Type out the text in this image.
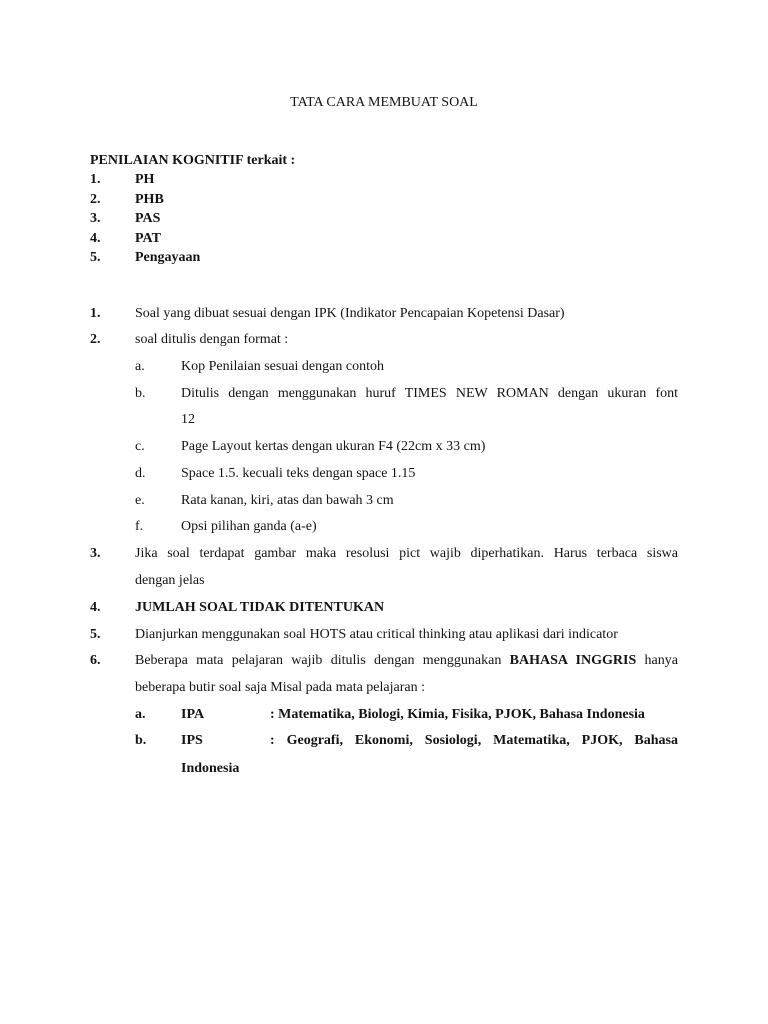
TATA CARA MEMBUAT SOAL
PENILAIAN KOGNITIF terkait :
1.	PH
2.	PHB
3.	PAS
4.	PAT
5.	Pengayaan
1.	Soal yang dibuat sesuai dengan IPK (Indikator Pencapaian Kopetensi Dasar)
2.	soal ditulis dengan format :
a.	Kop Penilaian sesuai dengan contoh
b.	Ditulis dengan menggunakan huruf TIMES NEW ROMAN dengan ukuran font
12
c.	Page Layout kertas dengan ukuran F4 (22cm x 33 cm)
d.	Space 1.5. kecuali teks dengan space 1.15
e.	Rata kanan, kiri, atas dan bawah 3 cm
f.	Opsi pilihan ganda (a-e)
3.	Jika soal terdapat gambar maka resolusi pict wajib diperhatikan. Harus terbaca siswa
dengan jelas
4.	JUMLAH SOAL TIDAK DITENTUKAN
5.	Dianjurkan menggunakan soal HOTS atau critical thinking atau aplikasi dari indicator
6.	Beberapa mata pelajaran wajib ditulis dengan menggunakan BAHASA INGGRIS hanya
beberapa butir soal saja Misal pada mata pelajaran :
a.	IPA	: Matematika, Biologi, Kimia, Fisika, PJOK, Bahasa Indonesia
b.	IPS	: Geografi, Ekonomi, Sosiologi, Matematika, PJOK, Bahasa
Indonesia
